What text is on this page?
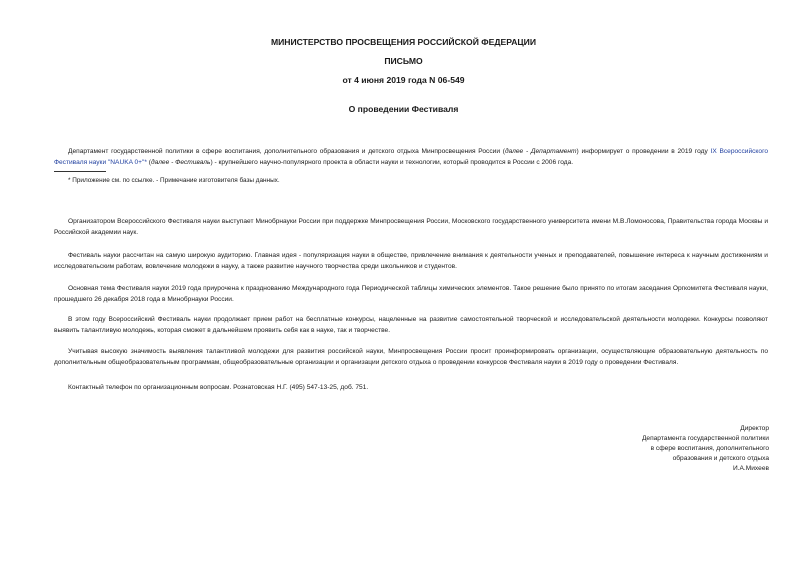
МИНИСТЕРСТВО ПРОСВЕЩЕНИЯ РОССИЙСКОЙ ФЕДЕРАЦИИ
ПИСЬМО
от 4 июня 2019 года N 06-549
О проведении Фестиваля
Департамент государственной политики в сфере воспитания, дополнительного образования и детского отдыха Минпросвещения России (далее - Департамент) информирует о проведении в 2019 году IX Всероссийского Фестиваля науки "NAUKA 0+"* (далее - Фестиваль) - крупнейшего научно-популярного проекта в области науки и технологии, который проводится в России с 2006 года.
* Приложение см. по ссылке. - Примечание изготовителя базы данных.
Организатором Всероссийского Фестиваля науки выступает Минобрнауки России при поддержке Минпросвещения России, Московского государственного университета имени М.В.Ломоносова, Правительства города Москвы и Российской академии наук.
Фестиваль науки рассчитан на самую широкую аудиторию. Главная идея - популяризация науки в обществе, привлечение внимания к деятельности ученых и преподавателей, повышение интереса к научным достижениям и исследовательским работам, вовлечение молодежи в науку, а также развитие научного творчества среди школьников и студентов.
Основная тема Фестиваля науки 2019 года приурочена к празднованию Международного года Периодической таблицы химических элементов. Такое решение было принято по итогам заседания Оргкомитета Фестиваля науки, прошедшего 26 декабря 2018 года в Минобрнауки России.
В этом году Всероссийский Фестиваль науки продолжает прием работ на бесплатные конкурсы, нацеленные на развитие самостоятельной творческой и исследовательской деятельности молодежи. Конкурсы позволяют выявить талантливую молодежь, которая сможет в дальнейшем проявить себя как в науке, так и творчестве.
Учитывая высокую значимость выявления талантливой молодежи для развития российской науки, Минпросвещения России просит проинформировать организации, осуществляющие образовательную деятельность по дополнительным общеобразовательным программам, общеобразовательные организации и организации детского отдыха о проведении конкурсов Фестиваля науки в 2019 году о проведении Фестиваля.
Контактный телефон по организационным вопросам. Рознатовская Н.Г. (495) 547-13-25, доб. 751.
Директор
Департамента государственной политики
в сфере воспитания, дополнительного
образования и детского отдыха
И.А.Михеев
